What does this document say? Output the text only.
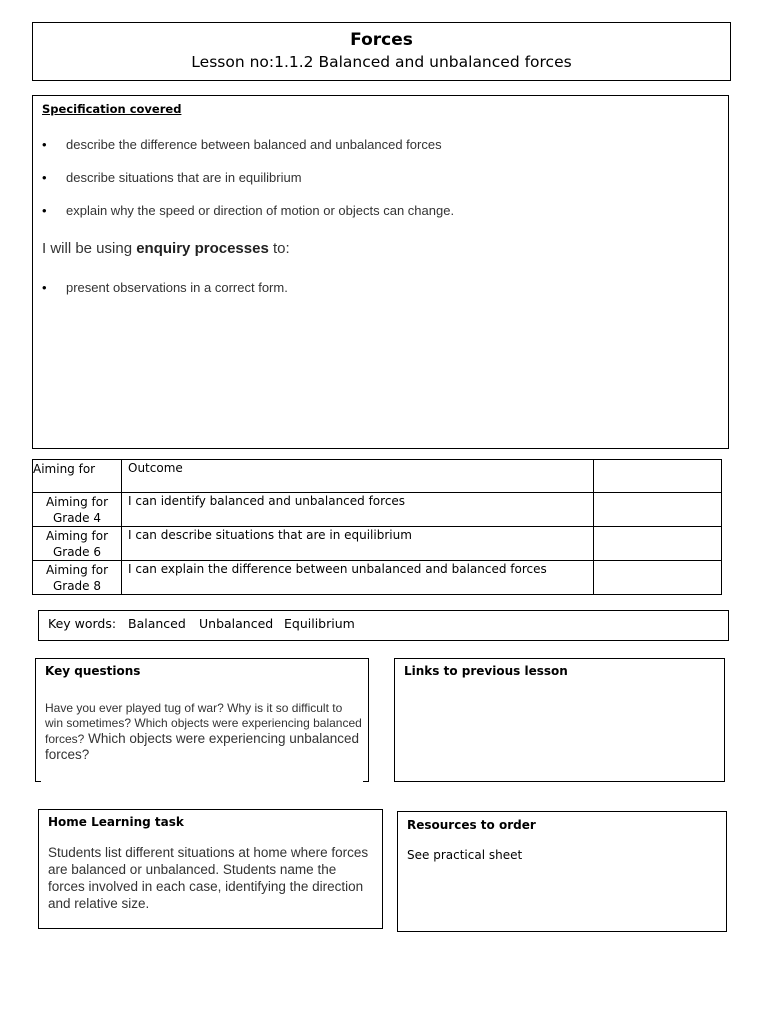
Forces
Lesson no:1.1.2 Balanced and unbalanced forces
Specification covered
• describe the difference between balanced and unbalanced forces
• describe situations that are in equilibrium
• explain why the speed or direction of motion or objects can change.
I will be using enquiry processes to:
• present observations in a correct form.
Aiming for	Outcome	
Aiming for Grade 4	I can identify balanced and unbalanced forces	
Aiming for Grade 6	I can describe situations that are in equilibrium	
Aiming for Grade 8	I can explain the difference between unbalanced and balanced forces	
Key words: Balanced Unbalanced Equilibrium
Key questions
Have you ever played tug of war? Why is it so difficult to win sometimes? Which objects were experiencing balanced forces? Which objects were experiencing unbalanced forces?
Links to previous lesson
Home Learning task
Students list different situations at home where forces are balanced or unbalanced. Students name the forces involved in each case, identifying the direction and relative size.
Resources to order
See practical sheet
